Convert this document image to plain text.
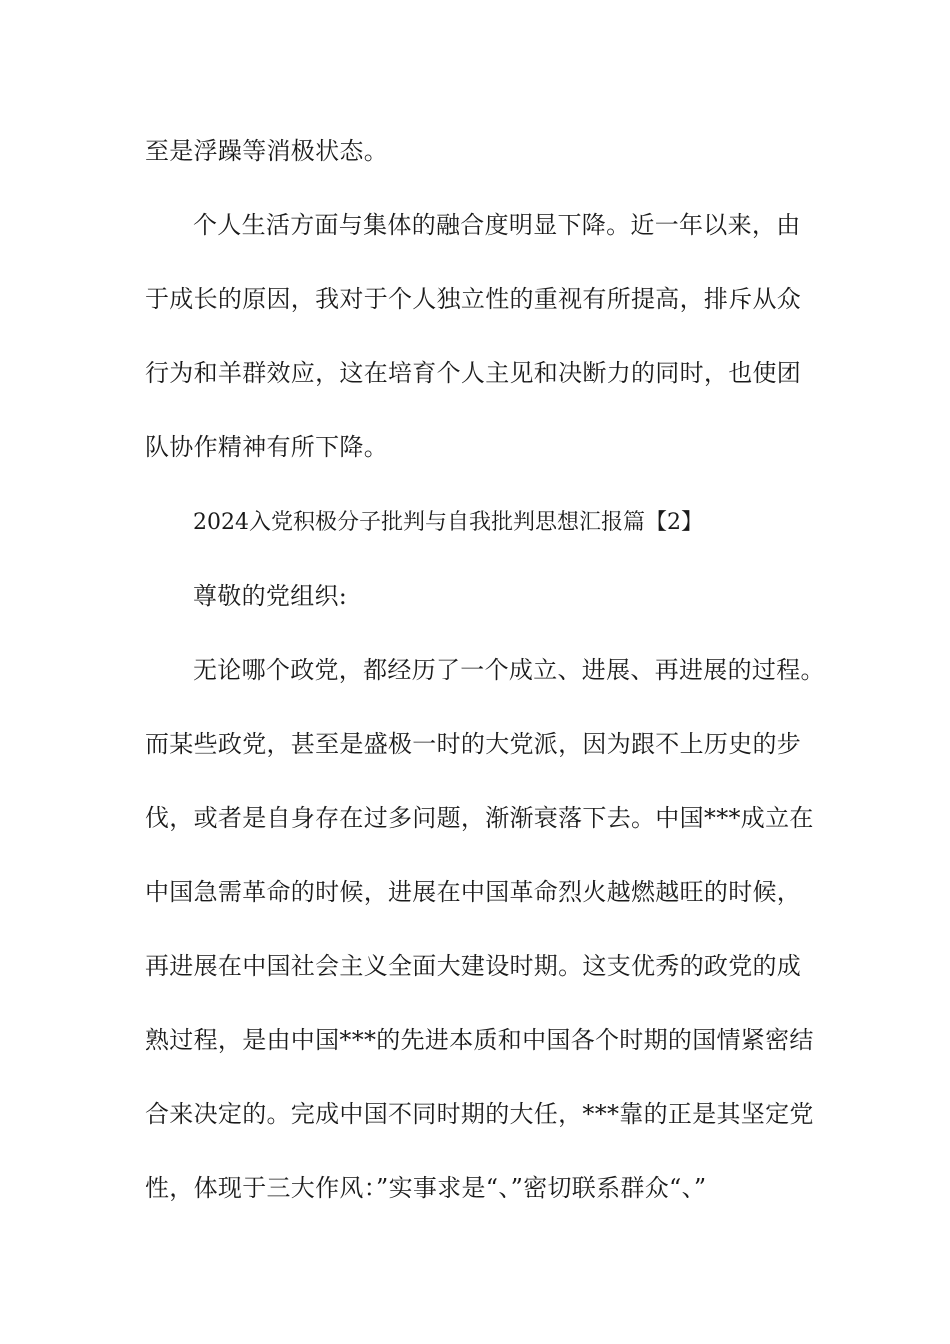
至是浮躁等消极状态。
个人生活方面与集体的融合度明显下降。近一年以来，由
于成长的原因，我对于个人独立性的重视有所提高，排斥从众
行为和羊群效应，这在培育个人主见和决断力的同时，也使团
队协作精神有所下降。
2024入党积极分子批判与自我批判思想汇报篇【2】
尊敬的党组织:
无论哪个政党，都经历了一个成立、进展、再进展的过程。
而某些政党，甚至是盛极一时的大党派，因为跟不上历史的步
伐，或者是自身存在过多问题，渐渐衰落下去。中国***成立在
中国急需革命的时候，进展在中国革命烈火越燃越旺的时候，
再进展在中国社会主义全面大建设时期。这支优秀的政党的成
熟过程，是由中国***的先进本质和中国各个时期的国情紧密结
合来决定的。完成中国不同时期的大任，***靠的正是其坚定党
性，体现于三大作风：”实事求是“、”密切联系群众“、”
